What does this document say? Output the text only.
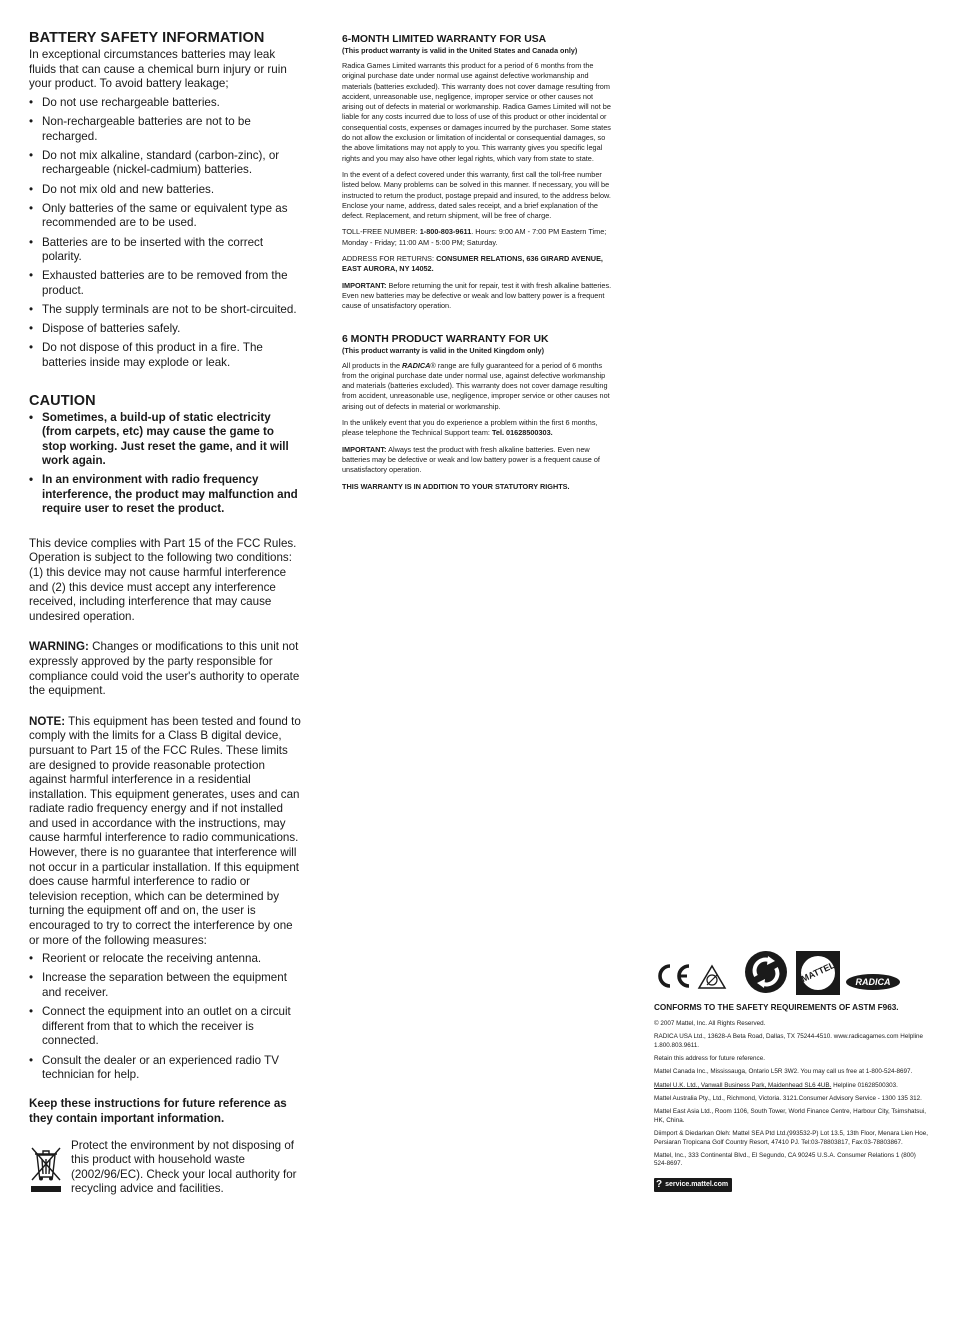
BATTERY SAFETY INFORMATION

In exceptional circumstances batteries may leak fluids that can cause a chemical burn injury or ruin your product. To avoid battery leakage;

• Do not use rechargeable batteries.
• Non-rechargeable batteries are not to be recharged.
• Do not mix alkaline, standard (carbon-zinc), or rechargeable (nickel-cadmium) batteries.
• Do not mix old and new batteries.
• Only batteries of the same or equivalent type as recommended are to be used.
• Batteries are to be inserted with the correct polarity.
• Exhausted batteries are to be removed from the product.
• The supply terminals are not to be short-circuited.
• Dispose of batteries safely.
• Do not dispose of this product in a fire. The batteries inside may explode or leak.
CAUTION
• Sometimes, a build-up of static electricity (from carpets, etc) may cause the game to stop working. Just reset the game, and it will work again.
• In an environment with radio frequency interference, the product may malfunction and require user to reset the product.

This device complies with Part 15 of the FCC Rules. Operation is subject to the following two conditions: (1) this device may not cause harmful interference and (2) this device must accept any interference received, including interference that may cause undesired operation.

WARNING: Changes or modifications to this unit not expressly approved by the party responsible for compliance could void the user's authority to operate the equipment.

NOTE: This equipment has been tested and found to comply with the limits for a Class B digital device, pursuant to Part 15 of the FCC Rules. These limits are designed to provide reasonable protection against harmful interference in a residential installation. This equipment generates, uses and can radiate radio frequency energy and if not installed and used in accordance with the instructions, may cause harmful interference to radio communications. However, there is no guarantee that interference will not occur in a particular installation. If this equipment does cause harmful interference to radio or television reception, which can be determined by turning the equipment off and on, the user is encouraged to try to correct the interference by one or more of the following measures:

• Reorient or relocate the receiving antenna.
• Increase the separation between the equipment and receiver.
• Connect the equipment into an outlet on a circuit different from that to which the receiver is connected.
• Consult the dealer or an experienced radio TV technician for help.

Keep these instructions for future reference as they contain important information.

Protect the environment by not disposing of this product with household waste (2002/96/EC). Check your local authority for recycling advice and facilities.

6-MONTH LIMITED WARRANTY FOR USA
(This product warranty is valid in the United States and Canada only)

Radica Games Limited warrants this product for a period of 6 months from the original purchase date under normal use against defective workmanship and materials (batteries excluded). This warranty does not cover damage resulting from accident, unreasonable use, negligence, improper service or other causes not arising out of defects in material or workmanship. Radica Games Limited will not be liable for any costs incurred due to loss of use of this product or other incidental or consequential costs, expenses or damages incurred by the purchaser. Some states do not allow the exclusion or limitation of incidental or consequential damages, so the above limitations may not apply to you. This warranty gives you specific legal rights and you may also have other legal rights, which vary from state to state.

In the event of a defect covered under this warranty, first call the toll-free number listed below. Many problems can be solved in this manner. If necessary, you will be instructed to return the product, postage prepaid and insured, to the address below. Enclose your name, address, dated sales receipt, and a brief explanation of the defect. Replacement, and return shipment, will be free of charge.

TOLL-FREE NUMBER: 1-800-803-9611. Hours: 9:00 AM - 7:00 PM Eastern Time; Monday - Friday; 11:00 AM - 5:00 PM; Saturday.

ADDRESS FOR RETURNS: CONSUMER RELATIONS, 636 GIRARD AVENUE, EAST AURORA, NY 14052.

IMPORTANT: Before returning the unit for repair, test it with fresh alkaline batteries. Even new batteries may be defective or weak and low battery power is a frequent cause of unsatisfactory operation.

6 MONTH PRODUCT WARRANTY FOR UK
(This product warranty is valid in the United Kingdom only)

All products in the RADICA® range are fully guaranteed for a period of 6 months from the original purchase date under normal use, against defective workmanship and materials (batteries excluded). This warranty does not cover damage resulting from accident, unreasonable use, negligence, improper service or other causes not arising out of defects in material or workmanship.

In the unlikely event that you do experience a problem within the first 6 months, please telephone the Technical Support team: Tel. 01628500303.

IMPORTANT: Always test the product with fresh alkaline batteries. Even new batteries may be defective or weak and low battery power is a frequent cause of unsatisfactory operation.

THIS WARRANTY IS IN ADDITION TO YOUR STATUTORY RIGHTS.

CE	MATTEL	RADICA
CONFORMS TO THE SAFETY REQUIREMENTS OF ASTM F963.

© 2007 Mattel, Inc. All Rights Reserved.

RADICA USA Ltd., 13628-A Beta Road, Dallas, TX 75244-4510. www.radicagames.com Helpline 1.800.803.9611.

Retain this address for future reference.

Mattel Canada Inc., Mississauga, Ontario L5R 3W2. You may call us free at 1-800-524-8697.

Mattel U.K. Ltd., Vanwall Business Park, Maidenhead SL6 4UB. Helpline 01628500303.

Mattel Australia Pty., Ltd., Richmond, Victoria. 3121.Consumer Advisory Service - 1300 135 312.

Mattel East Asia Ltd., Room 1106, South Tower, World Finance Centre, Harbour City, Tsimshatsui, HK, China.

Diimport & Diedarkan Oleh: Mattel SEA Ptd Ltd.(993532-P) Lot 13.5, 13th Floor, Menara Lien Hoe, Persiaran Tropicana Golf Country Resort, 47410 PJ. Tel:03-78803817, Fax:03-78803867.

Mattel, Inc., 333 Continental Blvd., El Segundo, CA 90245 U.S.A. Consumer Relations 1 (800) 524-8697.

? service.mattel.com
